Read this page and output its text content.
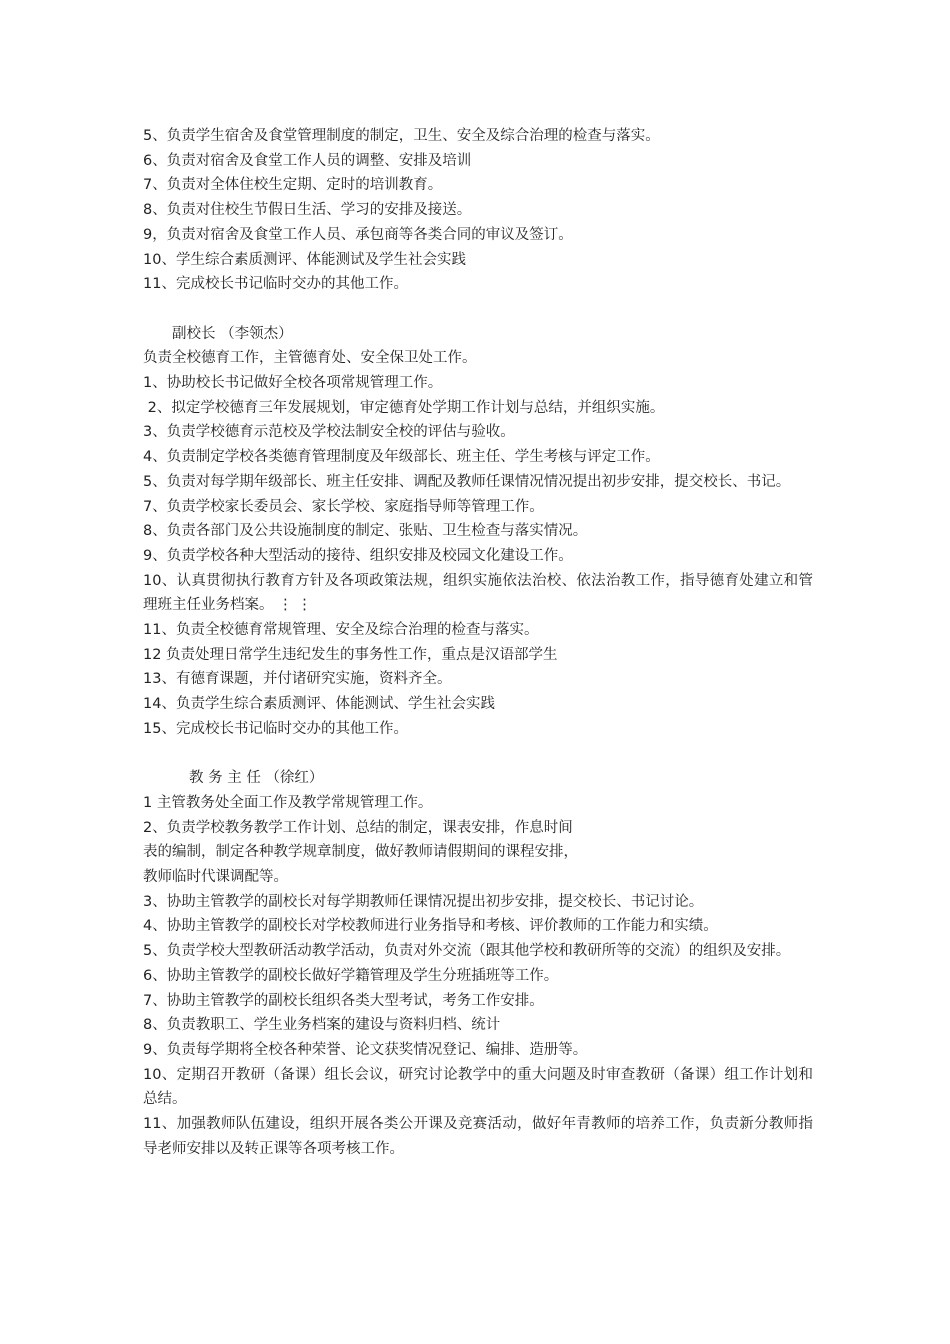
5、负责学生宿舍及食堂管理制度的制定，卫生、安全及综合治理的检查与落实。
6、负责对宿舍及食堂工作人员的调整、安排及培训
7、负责对全体住校生定期、定时的培训教育。
8、负责对住校生节假日生活、学习的安排及接送。
9，负责对宿舍及食堂工作人员、承包商等各类合同的审议及签订。
10、学生综合素质测评、体能测试及学生社会实践
11、完成校长书记临时交办的其他工作。
副校长 （李领杰）
负责全校德育工作，主管德育处、安全保卫处工作。
1、协助校长书记做好全校各项常规管理工作。
2、拟定学校德育三年发展规划，审定德育处学期工作计划与总结，并组织实施。
3、负责学校德育示范校及学校法制安全校的评估与验收。
4、负责制定学校各类德育管理制度及年级部长、班主任、学生考核与评定工作。
5、负责对每学期年级部长、班主任安排、调配及教师任课情况情况提出初步安排，提交校长、书记。
7、负责学校家长委员会、家长学校、家庭指导师等管理工作。
8、负责各部门及公共设施制度的制定、张贴、卫生检查与落实情况。
9、负责学校各种大型活动的接待、组织安排及校园文化建设工作。
10、认真贯彻执行教育方针及各项政策法规，组织实施依法治校、依法治教工作，指导德育处建立和管理班主任业务档案。 ⋮ ⋮
11、负责全校德育常规管理、安全及综合治理的检查与落实。
12 负责处理日常学生违纪发生的事务性工作，重点是汉语部学生
13、有德育课题，并付诸研究实施，资料齐全。
14、负责学生综合素质测评、体能测试、学生社会实践
15、完成校长书记临时交办的其他工作。
教 务 主 任 （徐红）
1 主管教务处全面工作及教学常规管理工作。
2、负责学校教务教学工作计划、总结的制定，课表安排，作息时间
表的编制，制定各种教学规章制度，做好教师请假期间的课程安排，
教师临时代课调配等。
3、协助主管教学的副校长对每学期教师任课情况提出初步安排，提交校长、书记讨论。
4、协助主管教学的副校长对学校教师进行业务指导和考核、评价教师的工作能力和实绩。
5、负责学校大型教研活动教学活动，负责对外交流（跟其他学校和教研所等的交流）的组织及安排。
6、协助主管教学的副校长做好学籍管理及学生分班插班等工作。
7、协助主管教学的副校长组织各类大型考试，考务工作安排。
8、负责教职工、学生业务档案的建设与资料归档、统计
9、负责每学期将全校各种荣誉、论文获奖情况登记、编排、造册等。
10、定期召开教研（备课）组长会议，研究讨论教学中的重大问题及时审查教研（备课）组工作计划和总结。
11、加强教师队伍建设，组织开展各类公开课及竞赛活动，做好年青教师的培养工作，负责新分教师指导老师安排以及转正课等各项考核工作。
